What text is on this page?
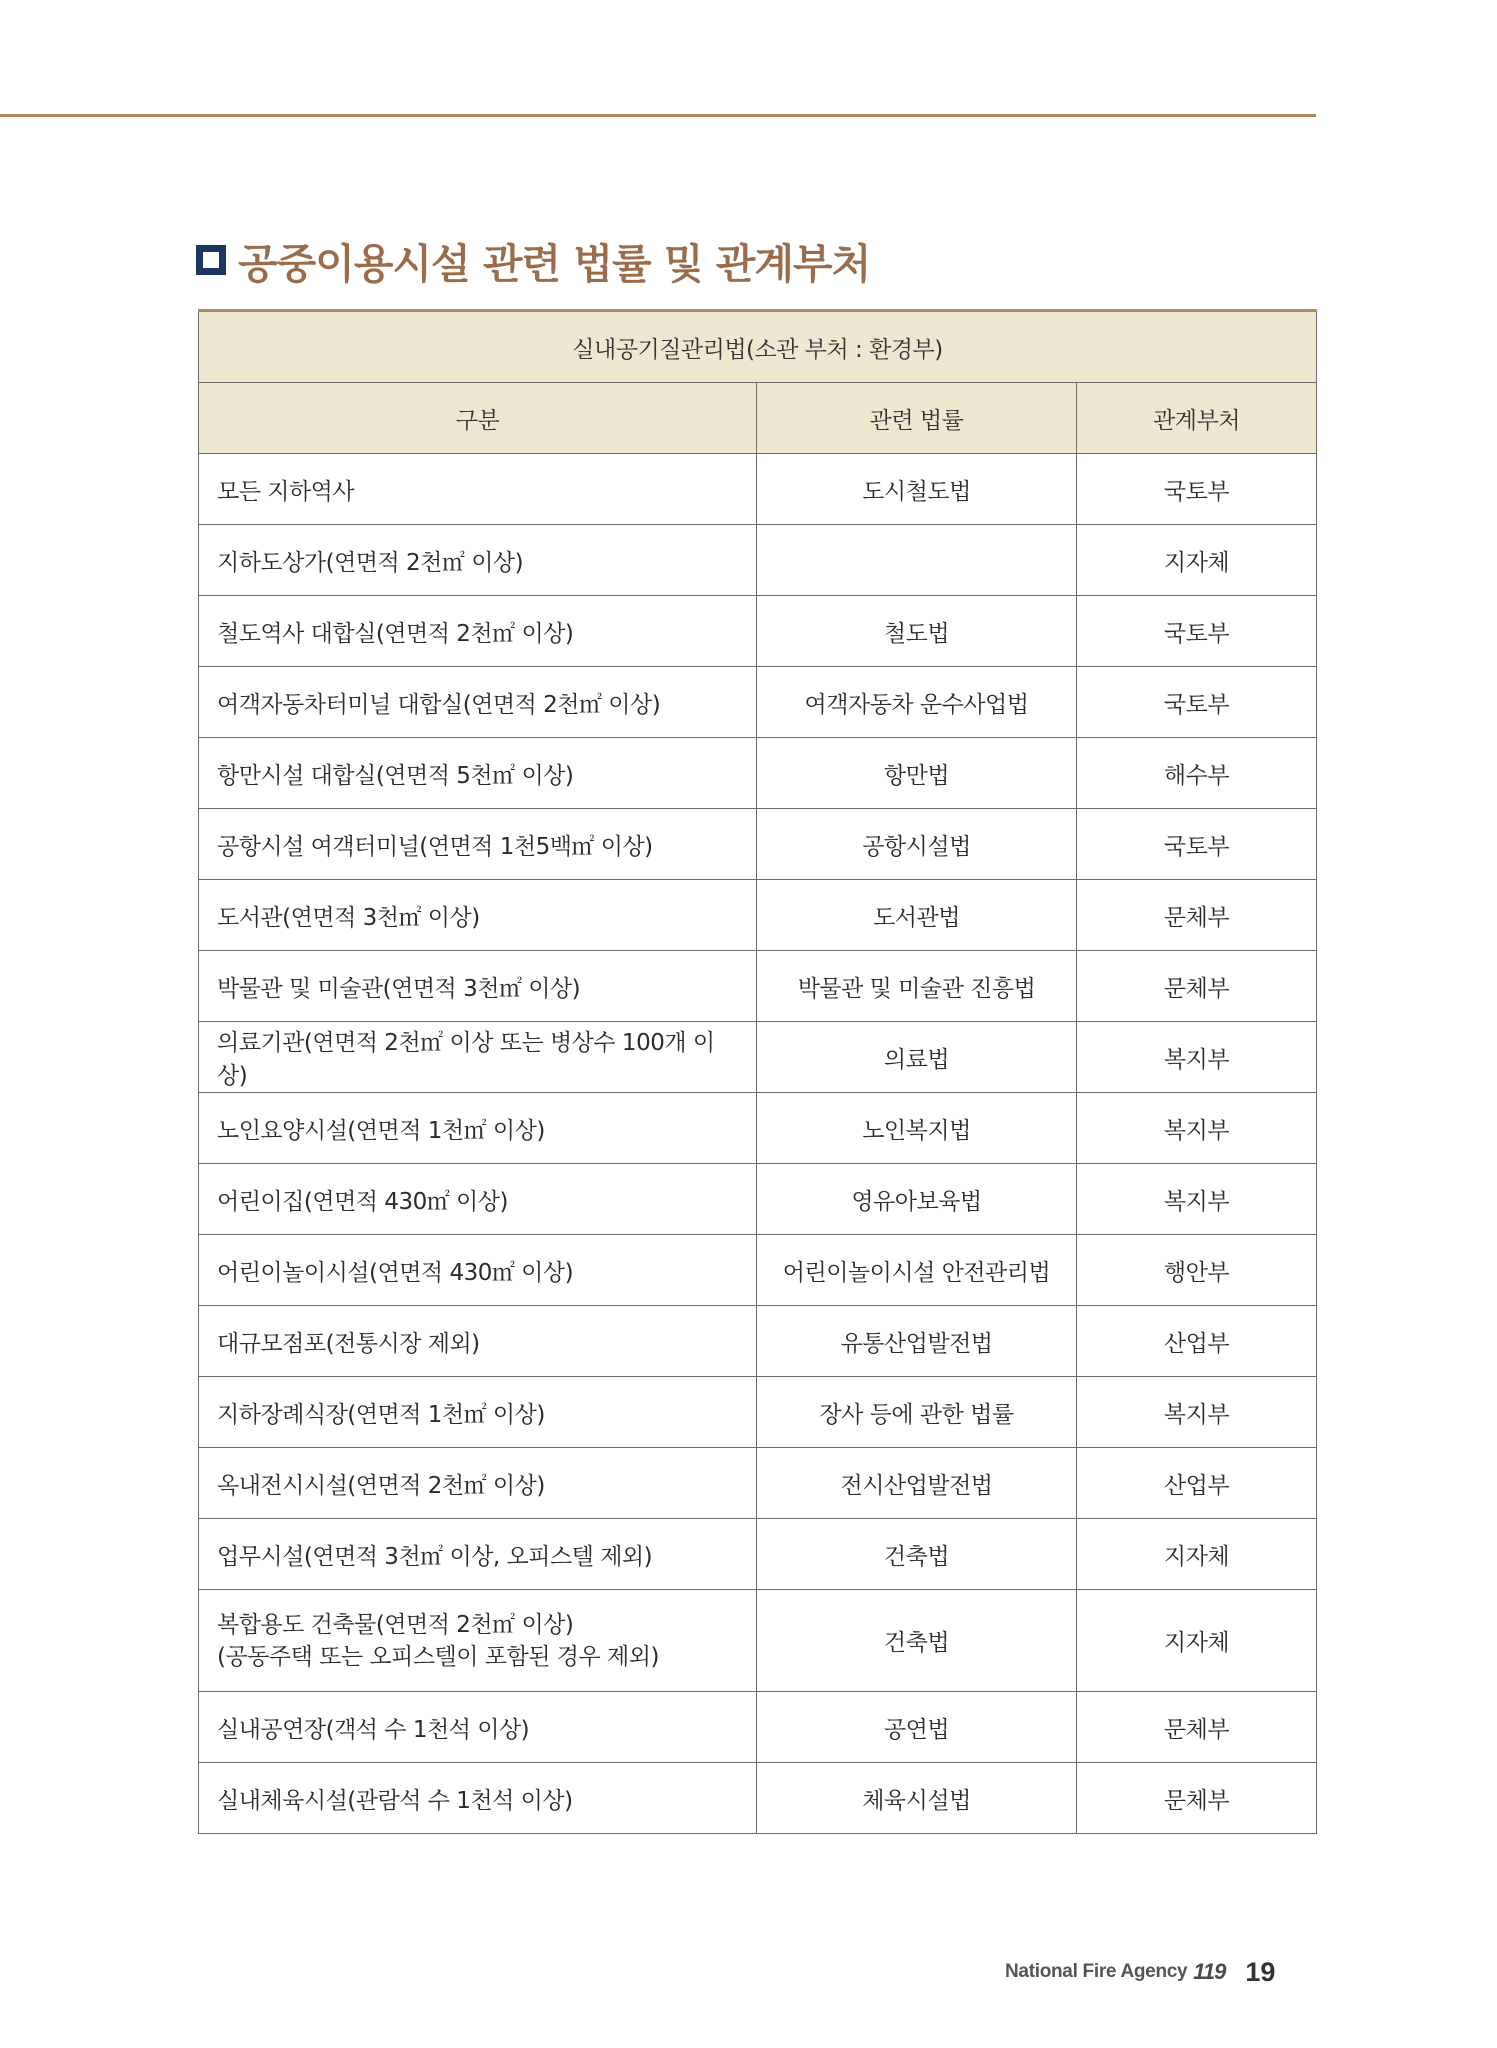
공중이용시설 관련 법률 및 관계부처
실내공기질관리법(소관 부처 : 환경부)		
구분	관련 법률	관계부처
모든 지하역사	도시철도법	국토부
지하도상가(연면적 2천㎡ 이상)		지자체
철도역사 대합실(연면적 2천㎡ 이상)	철도법	국토부
여객자동차터미널 대합실(연면적 2천㎡ 이상)	여객자동차 운수사업법	국토부
항만시설 대합실(연면적 5천㎡ 이상)	항만법	해수부
공항시설 여객터미널(연면적 1천5백㎡ 이상)	공항시설법	국토부
도서관(연면적 3천㎡ 이상)	도서관법	문체부
박물관 및 미술관(연면적 3천㎡ 이상)	박물관 및 미술관 진흥법	문체부
의료기관(연면적 2천㎡ 이상 또는 병상수 100개 이상)	의료법	복지부
노인요양시설(연면적 1천㎡ 이상)	노인복지법	복지부
어린이집(연면적 430㎡ 이상)	영유아보육법	복지부
어린이놀이시설(연면적 430㎡ 이상)	어린이놀이시설 안전관리법	행안부
대규모점포(전통시장 제외)	유통산업발전법	산업부
지하장례식장(연면적 1천㎡ 이상)	장사 등에 관한 법률	복지부
옥내전시시설(연면적 2천㎡ 이상)	전시산업발전법	산업부
업무시설(연면적 3천㎡ 이상, 오피스텔 제외)	건축법	지자체

복합용도 건축물(연면적 2천㎡ 이상)
(공동주택 또는 오피스텔이 포함된 경우 제외)	건축법	지자체
실내공연장(객석 수 1천석 이상)	공연법	문체부
실내체육시설(관람석 수 1천석 이상)	체육시설법	문체부
National Fire Agency 119 19
